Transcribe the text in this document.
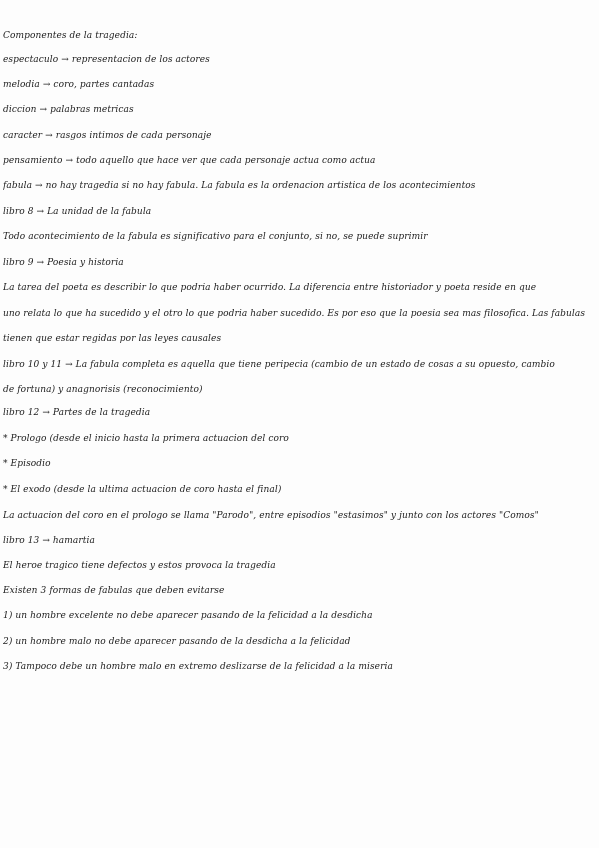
Componentes de la tragedia:
espectaculo → representacion de los actores
melodia → coro, partes cantadas
diccion → palabras metricas
caracter → rasgos intimos de cada personaje
pensamiento → todo aquello que hace ver que cada personaje actua como actua
fabula → no hay tragedia si no hay fabula. La fabula es la ordenacion artistica de los acontecimientos
libro 8 → La unidad de la fabula
Todo acontecimiento de la fabula es significativo para el conjunto, si no, se puede suprimir
libro 9 → Poesia y historia
La tarea del poeta es describir lo que podria haber ocurrido. La diferencia entre historiador y poeta reside en que
uno relata lo que ha sucedido y el otro lo que podria haber sucedido. Es por eso que la poesia sea mas filosofica. Las fabulas
tienen que estar regidas por las leyes causales
libro 10 y 11 → La fabula completa es aquella que tiene peripecia (cambio de un estado de cosas a su opuesto, cambio
de fortuna) y anagnorisis (reconocimiento)
libro 12 → Partes de la tragedia
* Prologo (desde el inicio hasta la primera actuacion del coro
* Episodio
* El exodo (desde la ultima actuacion de coro hasta el final)
La actuacion del coro en el prologo se llama "Parodo", entre episodios "estasimos" y junto con los actores "Comos"
libro 13 → hamartia
El heroe tragico tiene defectos y estos provoca la tragedia
Existen 3 formas de fabulas que deben evitarse
1) un hombre excelente no debe aparecer pasando de la felicidad a la desdicha
2) un hombre malo no debe aparecer pasando de la desdicha a la felicidad
3) Tampoco debe un hombre malo en extremo deslizarse de la felicidad a la miseria
